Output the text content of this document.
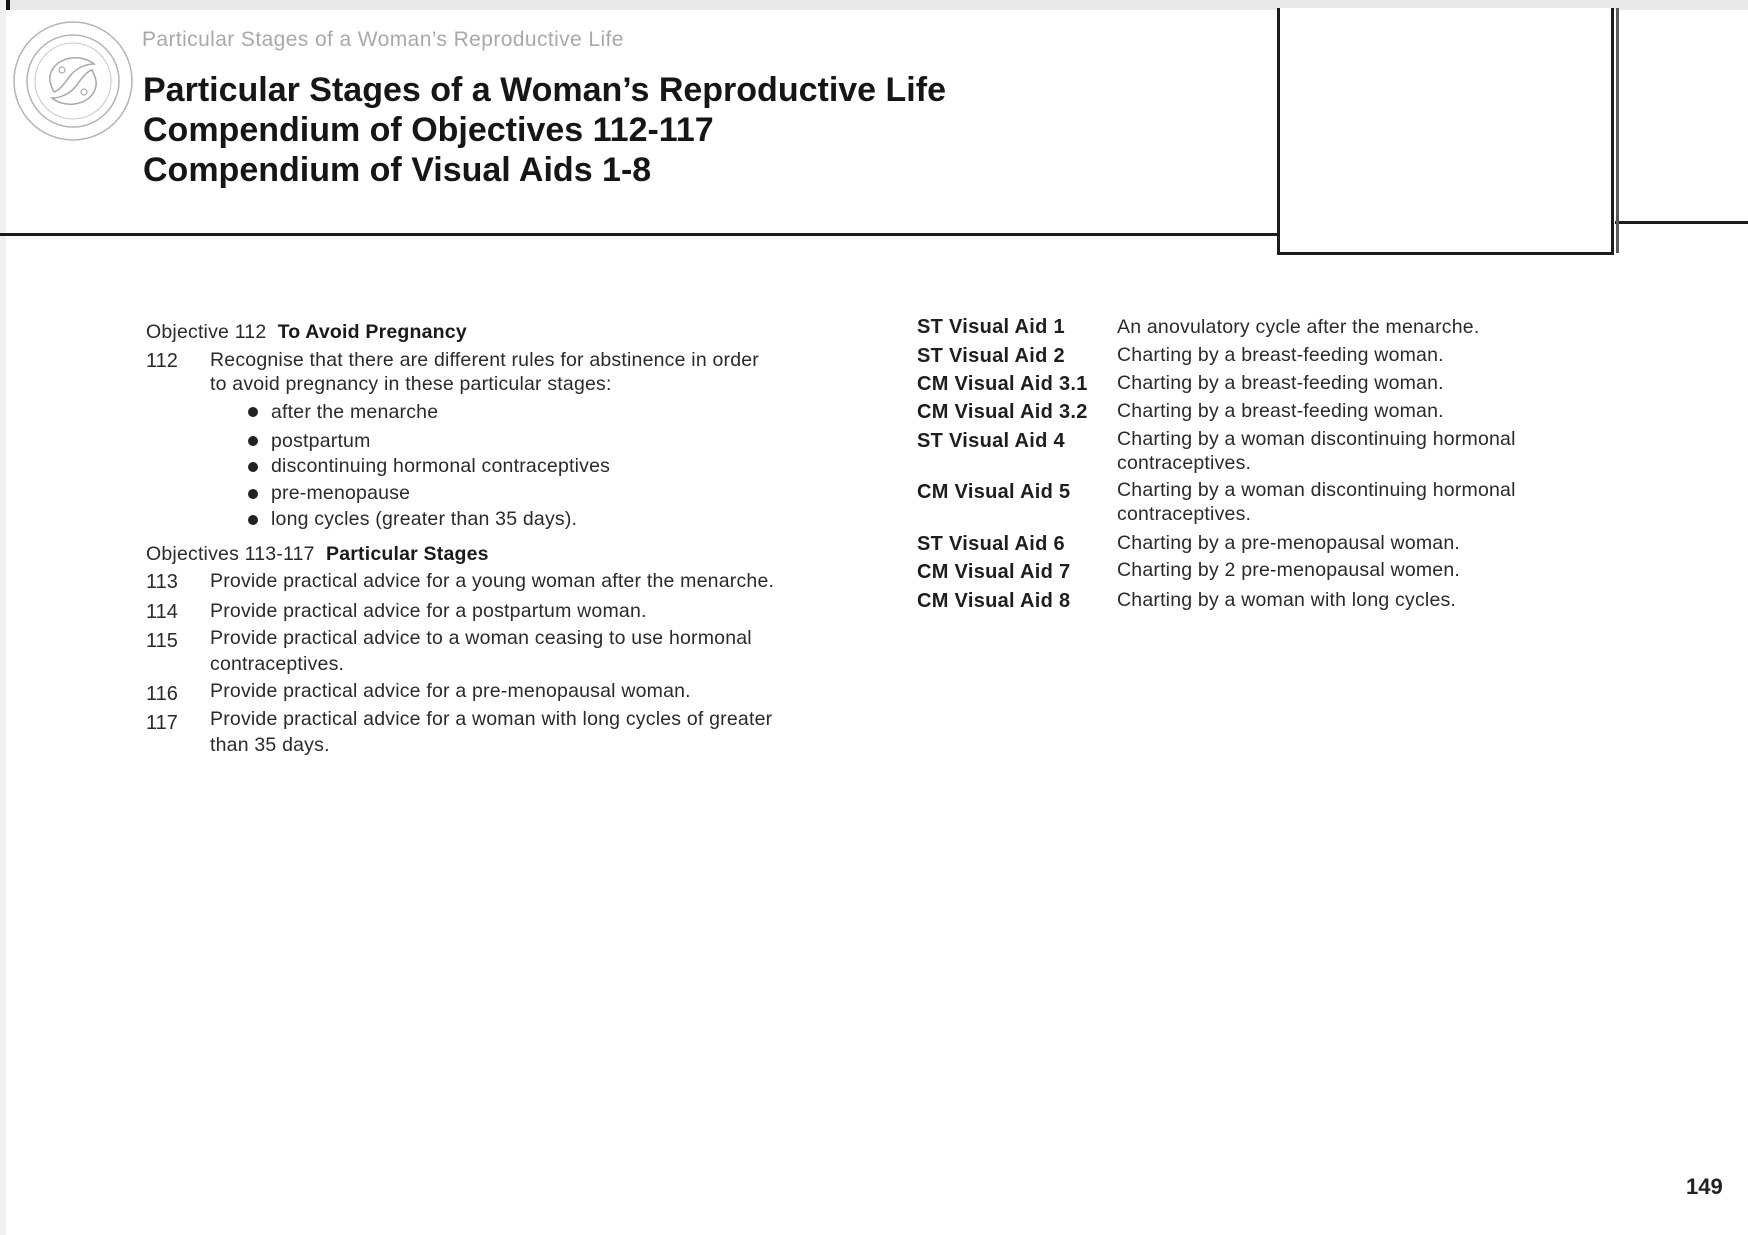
Particular Stages of a Woman’s Reproductive Life
Particular Stages of a Woman’s Reproductive Life
Compendium of Objectives 112-117
Compendium of Visual Aids 1-8
Objective 112 To Avoid Pregnancy
112 Recognise that there are different rules for abstinence in order
to avoid pregnancy in these particular stages:
after the menarche
postpartum
discontinuing hormonal contraceptives
pre-menopause
long cycles (greater than 35 days).
Objectives 113-117 Particular Stages
113 Provide practical advice for a young woman after the menarche.
114 Provide practical advice for a postpartum woman.
115 Provide practical advice to a woman ceasing to use hormonal
contraceptives.
116 Provide practical advice for a pre-menopausal woman.
117 Provide practical advice for a woman with long cycles of greater
than 35 days.
ST Visual Aid 1	An anovulatory cycle after the menarche.
ST Visual Aid 2	Charting by a breast-feeding woman.
CM Visual Aid 3.1 Charting by a breast-feeding woman.
CM Visual Aid 3.2 Charting by a breast-feeding woman.
ST Visual Aid 4	Charting by a woman discontinuing hormonal
contraceptives.
CM Visual Aid 5 Charting by a woman discontinuing hormonal
contraceptives.
ST Visual Aid 6	Charting by a pre-menopausal woman.
CM Visual Aid 7 Charting by 2 pre-menopausal women.
CM Visual Aid 8 Charting by a woman with long cycles.
149
